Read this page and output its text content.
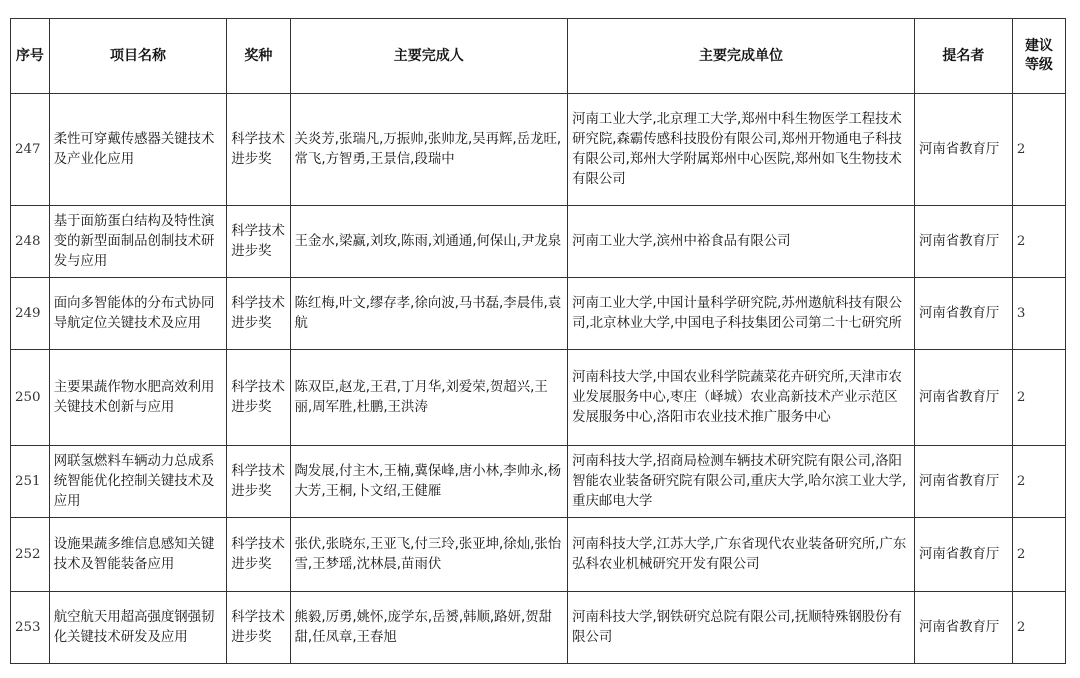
序号	项目名称	奖种	主要完成人	主要完成单位	提名者	建议等级
247	柔性可穿戴传感器关键技术及产业化应用	科学技术进步奖	关炎芳,张瑞凡,万振帅,张帅龙,吴再辉,岳龙旺,常飞,方智勇,王景信,段瑞中	河南工业大学,北京理工大学,郑州中科生物医学工程技术研究院,森霸传感科技股份有限公司,郑州开物通电子科技有限公司,郑州大学附属郑州中心医院,郑州如飞生物技术有限公司	河南省教育厅	2
248	基于面筋蛋白结构及特性演变的新型面制品创制技术研发与应用	科学技术进步奖	王金水,梁赢,刘玫,陈雨,刘通通,何保山,尹龙泉	河南工业大学,滨州中裕食品有限公司	河南省教育厅	2
249	面向多智能体的分布式协同导航定位关键技术及应用	科学技术进步奖	陈红梅,叶文,缪存孝,徐向波,马书磊,李晨伟,袁航	河南工业大学,中国计量科学研究院,苏州遨航科技有限公司,北京林业大学,中国电子科技集团公司第二十七研究所	河南省教育厅	3
250	主要果蔬作物水肥高效利用关键技术创新与应用	科学技术进步奖	陈双臣,赵龙,王君,丁月华,刘爱荣,贺超兴,王丽,周军胜,杜鹏,王洪涛	河南科技大学,中国农业科学院蔬菜花卉研究所,天津市农业发展服务中心,枣庄（峄城）农业高新技术产业示范区发展服务中心,洛阳市农业技术推广服务中心	河南省教育厅	2
251	网联氢燃料车辆动力总成系统智能优化控制关键技术及应用	科学技术进步奖	陶发展,付主木,王楠,冀保峰,唐小林,李帅永,杨大芳,王桐,卜文绍,王健雁	河南科技大学,招商局检测车辆技术研究院有限公司,洛阳智能农业装备研究院有限公司,重庆大学,哈尔滨工业大学,重庆邮电大学	河南省教育厅	2
252	设施果蔬多维信息感知关键技术及智能装备应用	科学技术进步奖	张伏,张晓东,王亚飞,付三玲,张亚坤,徐灿,张怡雪,王梦瑶,沈林晨,苗雨伏	河南科技大学,江苏大学,广东省现代农业装备研究所,广东弘科农业机械研究开发有限公司	河南省教育厅	2
253	航空航天用超高强度钢强韧化关键技术研发及应用	科学技术进步奖	熊毅,厉勇,姚怀,庞学东,岳赟,韩顺,路妍,贺甜甜,任凤章,王春旭	河南科技大学,钢铁研究总院有限公司,抚顺特殊钢股份有限公司	河南省教育厅	2
